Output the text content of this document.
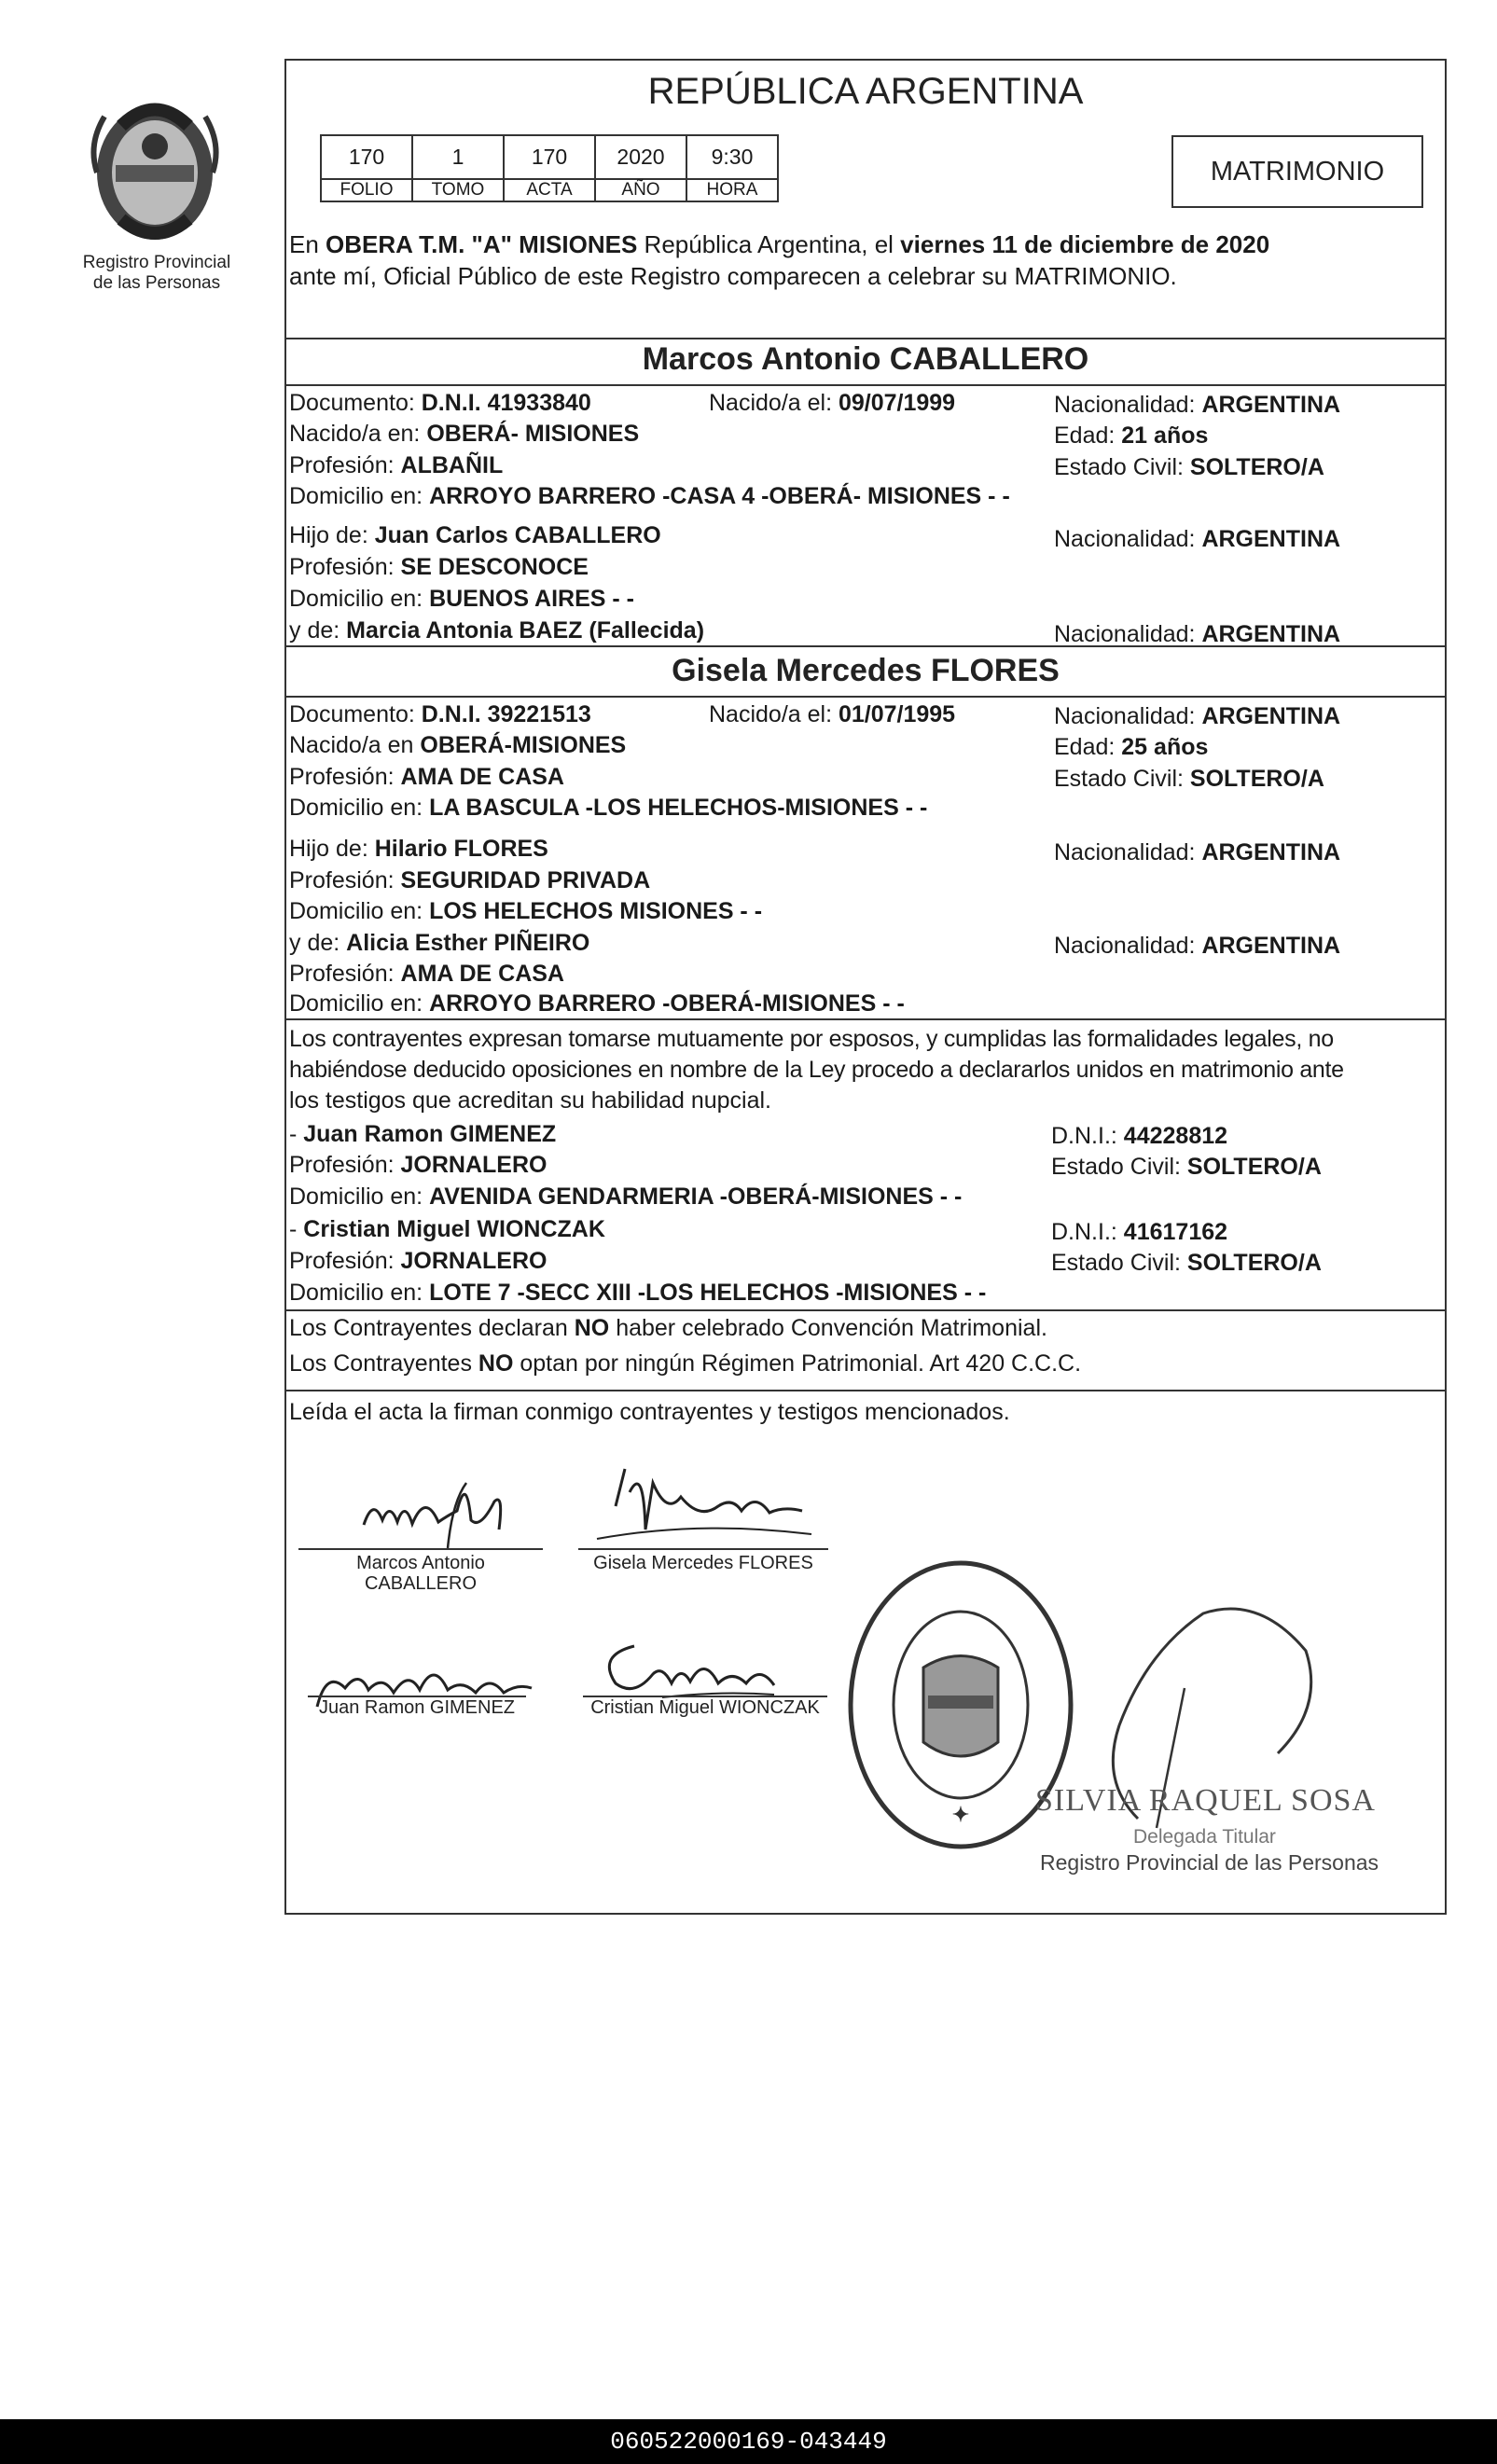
Registro Provincial
de las Personas
REPÚBLICA ARGENTINA
170	1	170	2020	9:30
FOLIO	TOMO	ACTA	AÑO	HORA
MATRIMONIO
En OBERA T.M. "A" MISIONES República Argentina, el viernes 11 de diciembre de 2020
ante mí, Oficial Público de este Registro comparecen a celebrar su MATRIMONIO.
Marcos Antonio CABALLERO
Documento: D.N.I. 41933840	Nacido/a el: 09/07/1999	Nacionalidad: ARGENTINA
Nacido/a en: OBERÁ- MISIONES	Edad: 21 años
Profesión: ALBAÑIL	Estado Civil: SOLTERO/A
Domicilio en: ARROYO BARRERO -CASA 4 -OBERÁ- MISIONES - -
Hijo de: Juan Carlos CABALLERO	Nacionalidad: ARGENTINA
Profesión: SE DESCONOCE
Domicilio en: BUENOS AIRES - -
y de: Marcia Antonia BAEZ (Fallecida)	Nacionalidad: ARGENTINA
Gisela Mercedes FLORES
Documento: D.N.I. 39221513	Nacido/a el: 01/07/1995	Nacionalidad: ARGENTINA
Nacido/a en OBERÁ-MISIONES	Edad: 25 años
Profesión: AMA DE CASA	Estado Civil: SOLTERO/A
Domicilio en: LA BASCULA -LOS HELECHOS-MISIONES - -
Hijo de: Hilario FLORES	Nacionalidad: ARGENTINA
Profesión: SEGURIDAD PRIVADA
Domicilio en: LOS HELECHOS MISIONES - -
y de: Alicia Esther PIÑEIRO	Nacionalidad: ARGENTINA
Profesión: AMA DE CASA
Domicilio en: ARROYO BARRERO -OBERÁ-MISIONES - -
Los contrayentes expresan tomarse mutuamente por esposos, y cumplidas las formalidades legales, no
habiéndose deducido oposiciones en nombre de la Ley procedo a declararlos unidos en matrimonio ante
los testigos que acreditan su habilidad nupcial.
- Juan Ramon GIMENEZ	D.N.I.: 44228812
Profesión: JORNALERO	Estado Civil: SOLTERO/A
Domicilio en: AVENIDA GENDARMERIA -OBERÁ-MISIONES - -
- Cristian Miguel WIONCZAK	D.N.I.: 41617162
Profesión: JORNALERO	Estado Civil: SOLTERO/A
Domicilio en: LOTE 7 -SECC XIII -LOS HELECHOS -MISIONES - -
Los Contrayentes declaran NO haber celebrado Convención Matrimonial.
Los Contrayentes NO optan por ningún Régimen Patrimonial. Art 420 C.C.C.
Leída el acta la firman conmigo contrayentes y testigos mencionados.
Marcos Antonio
CABALLERO
Gisela Mercedes FLORES
Juan Ramon GIMENEZ	Cristian Miguel WIONCZAK
✦ SILVIA RAQUEL SOSA
Delegada Titular
Registro Provincial de las Personas
060522000169-043449
